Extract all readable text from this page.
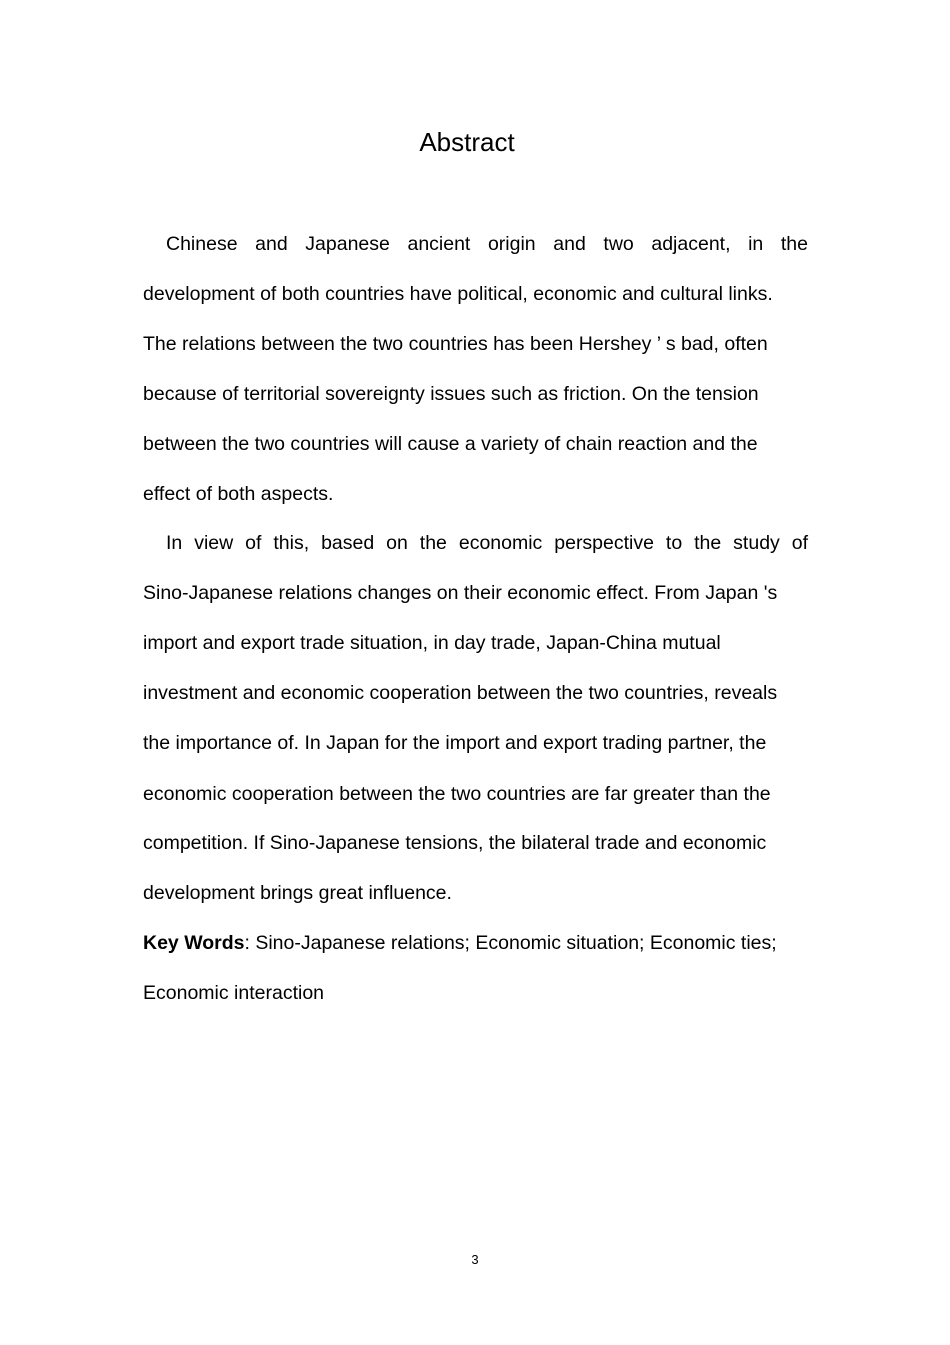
Abstract
Chinese and Japanese ancient origin and two adjacent, in the
development of both countries have political, economic and cultural links.
The relations between the two countries has been Hershey ’ s bad, often
because of territorial sovereignty issues such as friction. On the tension
between the two countries will cause a variety of chain reaction and the
effect of both aspects.
In view of this, based on the economic perspective to the study of
Sino-Japanese relations changes on their economic effect. From Japan 's
import and export trade situation, in day trade, Japan-China mutual
investment and economic cooperation between the two countries, reveals
the importance of. In Japan for the import and export trading partner, the
economic cooperation between the two countries are far greater than the
competition. If Sino-Japanese tensions, the bilateral trade and economic
development brings great influence.
Key Words: Sino-Japanese relations; Economic situation; Economic ties;
Economic interaction
3
